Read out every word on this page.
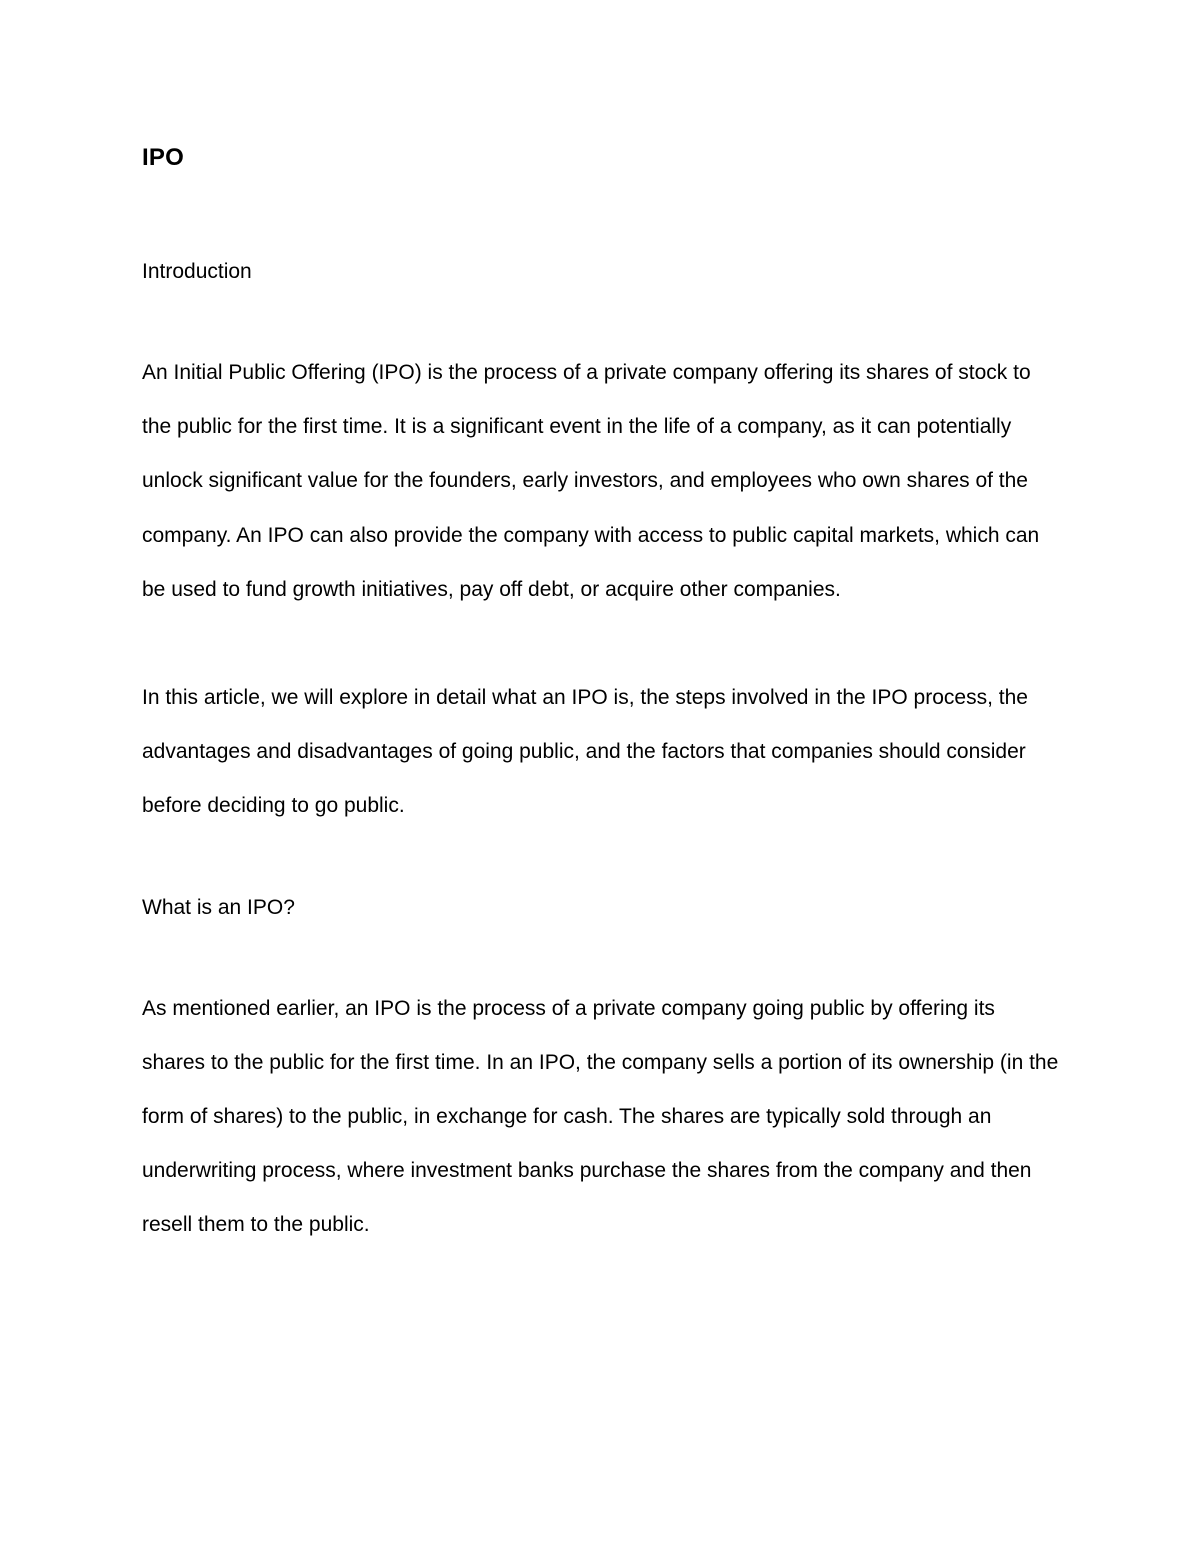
IPO
Introduction

An Initial Public Offering (IPO) is the process of a private company offering its shares of stock to the public for the first time. It is a significant event in the life of a company, as it can potentially unlock significant value for the founders, early investors, and employees who own shares of the company. An IPO can also provide the company with access to public capital markets, which can be used to fund growth initiatives, pay off debt, or acquire other companies.

In this article, we will explore in detail what an IPO is, the steps involved in the IPO process, the advantages and disadvantages of going public, and the factors that companies should consider before deciding to go public.

What is an IPO?

As mentioned earlier, an IPO is the process of a private company going public by offering its shares to the public for the first time. In an IPO, the company sells a portion of its ownership (in the form of shares) to the public, in exchange for cash. The shares are typically sold through an underwriting process, where investment banks purchase the shares from the company and then resell them to the public.
